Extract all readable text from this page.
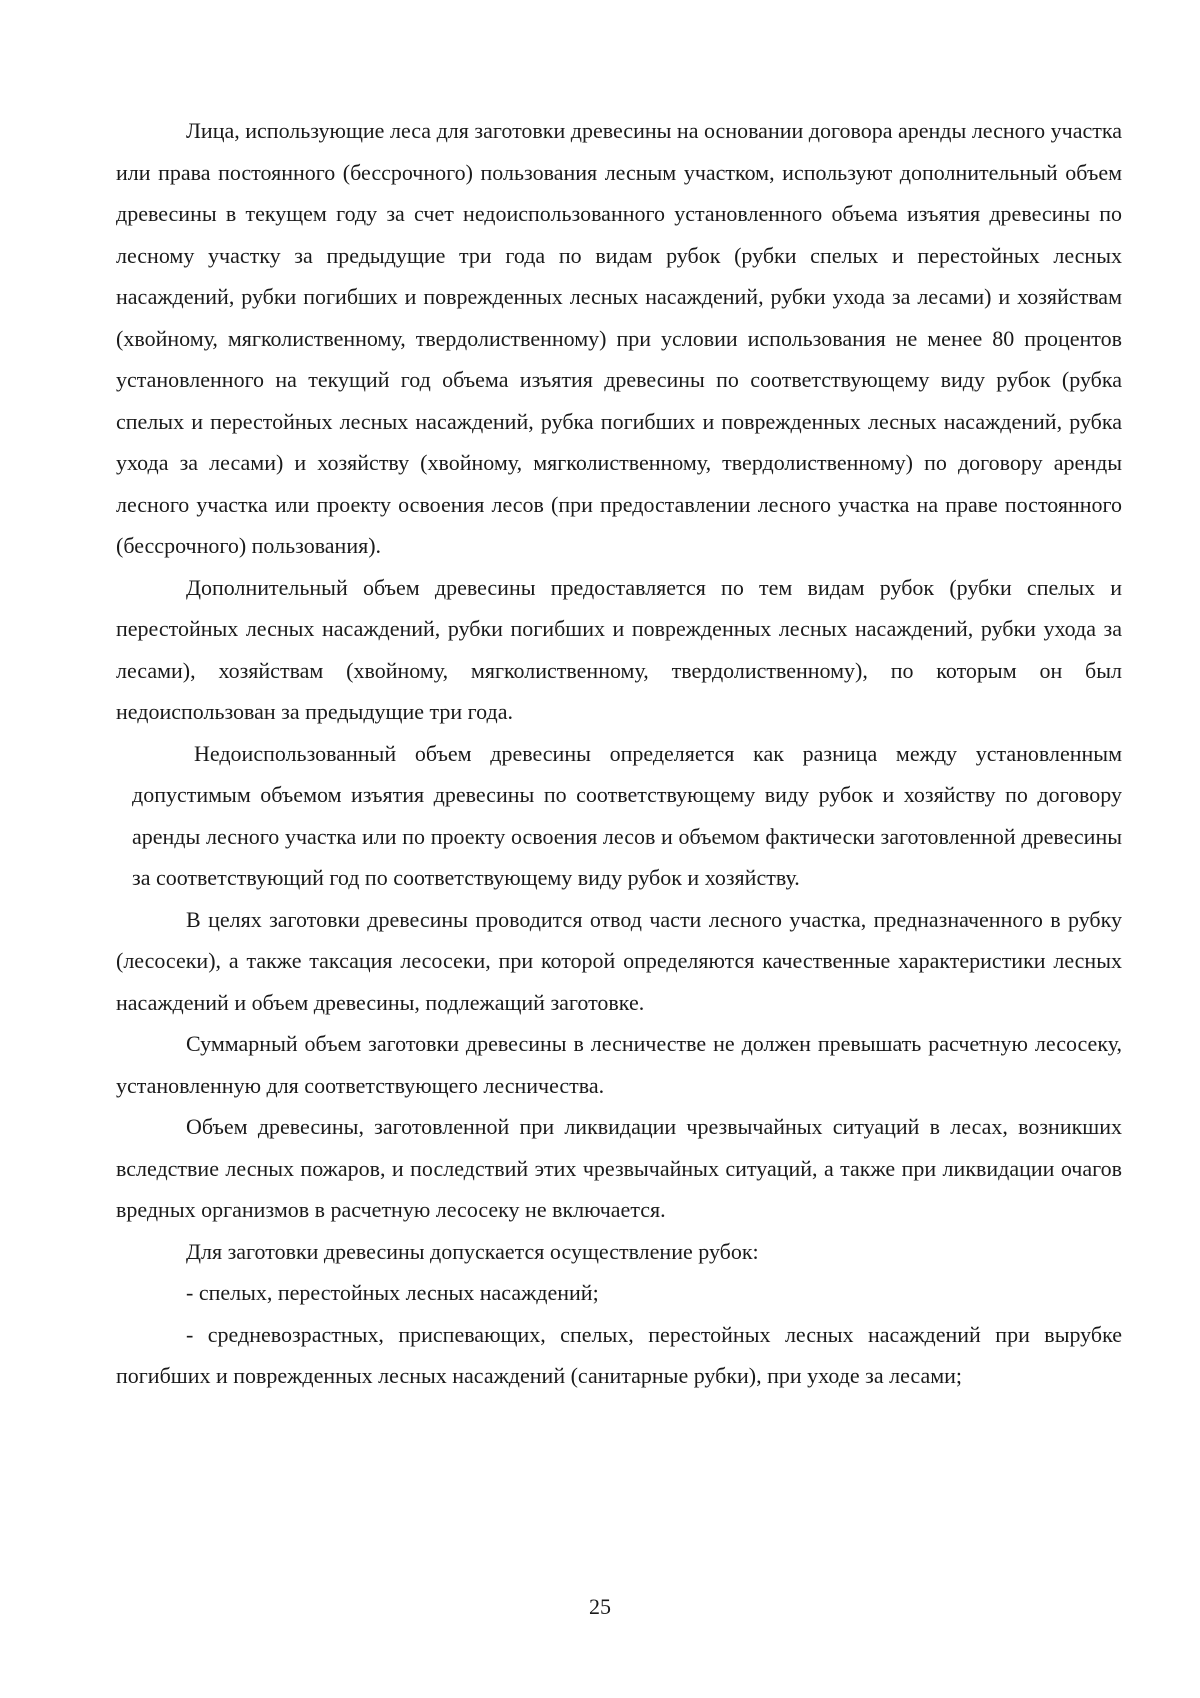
Лица, использующие леса для заготовки древесины на основании договора аренды лесного участка или права постоянного (бессрочного) пользования лесным участком, используют дополнительный объем древесины в текущем году за счет недоиспользованного установленного объема изъятия древесины по лесному участку за предыдущие три года по видам рубок (рубки спелых и перестойных лесных насаждений, рубки погибших и поврежденных лесных насаждений, рубки ухода за лесами) и хозяйствам (хвойному, мягколиственному, твердолиственному) при условии использования не менее 80 процентов установленного на текущий год объема изъятия древесины по соответствующему виду рубок (рубка спелых и перестойных лесных насаждений, рубка погибших и поврежденных лесных насаждений, рубка ухода за лесами) и хозяйству (хвойному, мягколиственному, твердолиственному) по договору аренды лесного участка или проекту освоения лесов (при предоставлении лесного участка на праве постоянного (бессрочного) пользования).

Дополнительный объем древесины предоставляется по тем видам рубок (рубки спелых и перестойных лесных насаждений, рубки погибших и поврежденных лесных насаждений, рубки ухода за лесами), хозяйствам (хвойному, мягколиственному, твердолиственному), по которым он был недоиспользован за предыдущие три года.

Недоиспользованный объем древесины определяется как разница между установленным допустимым объемом изъятия древесины по соответствующему виду рубок и хозяйству по договору аренды лесного участка или по проекту освоения лесов и объемом фактически заготовленной древесины за соответствующий год по соответствующему виду рубок и хозяйству.

В целях заготовки древесины проводится отвод части лесного участка, предназначенного в рубку (лесосеки), а также таксация лесосеки, при которой определяются качественные характеристики лесных насаждений и объем древесины, подлежащий заготовке.

Суммарный объем заготовки древесины в лесничестве не должен превышать расчетную лесосеку, установленную для соответствующего лесничества.

Объем древесины, заготовленной при ликвидации чрезвычайных ситуаций в лесах, возникших вследствие лесных пожаров, и последствий этих чрезвычайных ситуаций, а также при ликвидации очагов вредных организмов в расчетную лесосеку не включается.

Для заготовки древесины допускается осуществление рубок:

- спелых, перестойных лесных насаждений;

- средневозрастных, приспевающих, спелых, перестойных лесных насаждений при вырубке погибших и поврежденных лесных насаждений (санитарные рубки), при уходе за лесами;

25
